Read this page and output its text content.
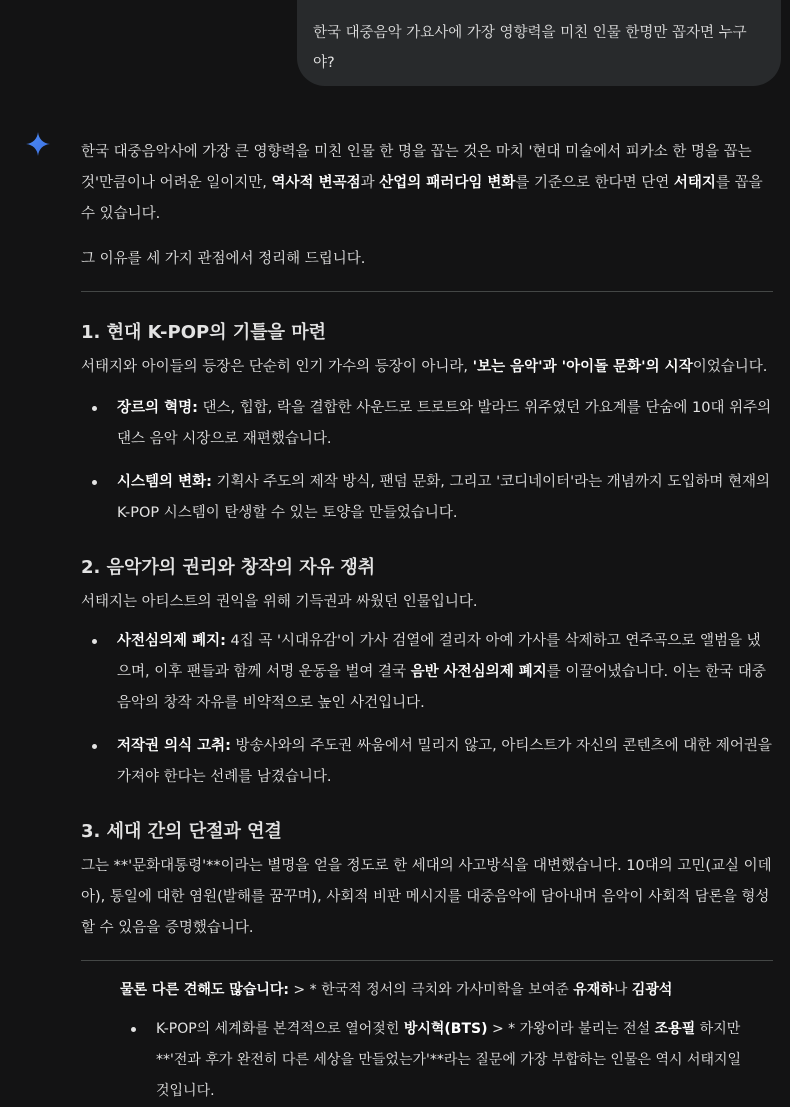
한국 대중음악 가요사에 가장 영향력을 미친 인물 한명만 꼽자면 누구야?

한국 대중음악사에 가장 큰 영향력을 미친 인물 한 명을 꼽는 것은 마치 '현대 미술에서 피카소 한 명을 꼽는 것'만큼이나 어려운 일이지만, 역사적 변곡점과 산업의 패러다임 변화를 기준으로 한다면 단연 서태지를 꼽을 수 있습니다.

그 이유를 세 가지 관점에서 정리해 드립니다.

1. 현대 K-POP의 기틀을 마련

서태지와 아이들의 등장은 단순히 인기 가수의 등장이 아니라, '보는 음악'과 '아이돌 문화'의 시작이었습니다.

장르의 혁명: 댄스, 힙합, 락을 결합한 사운드로 트로트와 발라드 위주였던 가요계를 단숨에 10대 위주의 댄스 음악 시장으로 재편했습니다.
시스템의 변화: 기획사 주도의 제작 방식, 팬덤 문화, 그리고 '코디네이터'라는 개념까지 도입하며 현재의 K-POP 시스템이 탄생할 수 있는 토양을 만들었습니다.
2. 음악가의 권리와 창작의 자유 쟁취

서태지는 아티스트의 권익을 위해 기득권과 싸웠던 인물입니다.

사전심의제 폐지: 4집 곡 '시대유감'이 가사 검열에 걸리자 아예 가사를 삭제하고 연주곡으로 앨범을 냈으며, 이후 팬들과 함께 서명 운동을 벌여 결국 음반 사전심의제 폐지를 이끌어냈습니다. 이는 한국 대중음악의 창작 자유를 비약적으로 높인 사건입니다.
저작권 의식 고취: 방송사와의 주도권 싸움에서 밀리지 않고, 아티스트가 자신의 콘텐츠에 대한 제어권을 가져야 한다는 선례를 남겼습니다.
3. 세대 간의 단절과 연결

그는 **'문화대통령'**이라는 별명을 얻을 정도로 한 세대의 사고방식을 대변했습니다. 10대의 고민(교실 이데아), 통일에 대한 염원(발해를 꿈꾸며), 사회적 비판 메시지를 대중음악에 담아내며 음악이 사회적 담론을 형성할 수 있음을 증명했습니다.

물론 다른 견해도 많습니다: > * 한국적 정서의 극치와 가사미학을 보여준 유재하나 김광석

K-POP의 세계화를 본격적으로 열어젖힌 방시혁(BTS) > * 가왕이라 불리는 전설 조용필 하지만 **'전과 후가 완전히 다른 세상을 만들었는가'**라는 질문에 가장 부합하는 인물은 역시 서태지일 것입니다.
